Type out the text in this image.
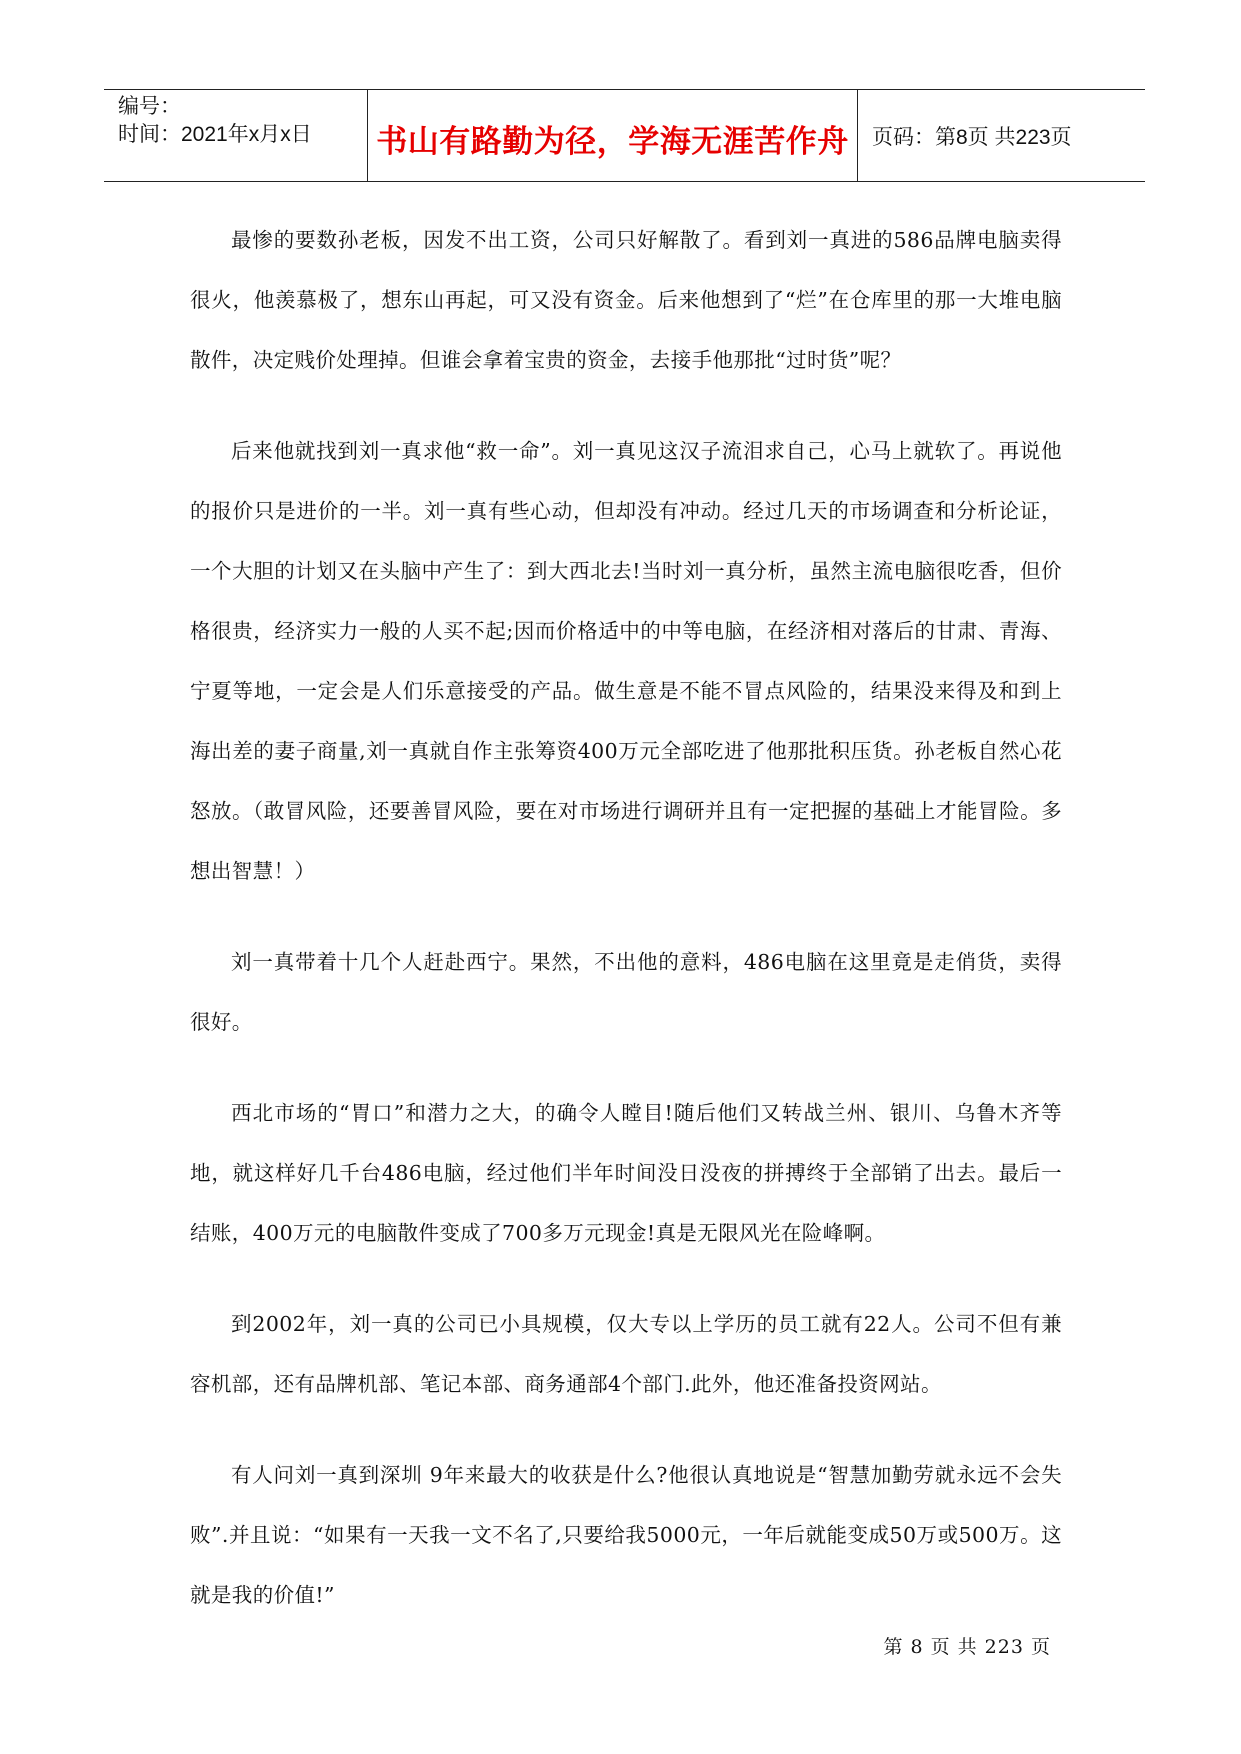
编号：
时间：2021年x月x日	书山有路勤为径，学海无涯苦作舟 页码：第8页 共223页

最惨的要数孙老板，因发不出工资，公司只好解散了。看到刘一真进的586品牌电脑卖得很火，他羡慕极了，想东山再起，可又没有资金。后来他想到了“烂”在仓库里的那一大堆电脑散件，决定贱价处理掉。但谁会拿着宝贵的资金，去接手他那批“过时货”呢？

后来他就找到刘一真求他“救一命”。刘一真见这汉子流泪求自己，心马上就软了。再说他的报价只是进价的一半。刘一真有些心动，但却没有冲动。经过几天的市场调查和分析论证，一个大胆的计划又在头脑中产生了：到大西北去!当时刘一真分析，虽然主流电脑很吃香，但价格很贵，经济实力一般的人买不起;因而价格适中的中等电脑，在经济相对落后的甘肃、青海、宁夏等地，一定会是人们乐意接受的产品。做生意是不能不冒点风险的，结果没来得及和到上海出差的妻子商量,刘一真就自作主张筹资400万元全部吃进了他那批积压货。孙老板自然心花怒放。（敢冒风险，还要善冒风险，要在对市场进行调研并且有一定把握的基础上才能冒险。多想出智慧！）

刘一真带着十几个人赶赴西宁。果然，不出他的意料，486电脑在这里竟是走俏货，卖得很好。

西北市场的“胃口”和潜力之大，的确令人瞠目!随后他们又转战兰州、银川、乌鲁木齐等地，就这样好几千台486电脑，经过他们半年时间没日没夜的拼搏终于全部销了出去。最后一结账，400万元的电脑散件变成了700多万元现金!真是无限风光在险峰啊。

到2002年，刘一真的公司已小具规模，仅大专以上学历的员工就有22人。公司不但有兼容机部，还有品牌机部、笔记本部、商务通部4个部门.此外，他还准备投资网站。

有人问刘一真到深圳 9年来最大的收获是什么?他很认真地说是“智慧加勤劳就永远不会失败”.并且说：“如果有一天我一文不名了,只要给我5000元，一年后就能变成50万或500万。这就是我的价值!”

第 8 页 共 223 页
